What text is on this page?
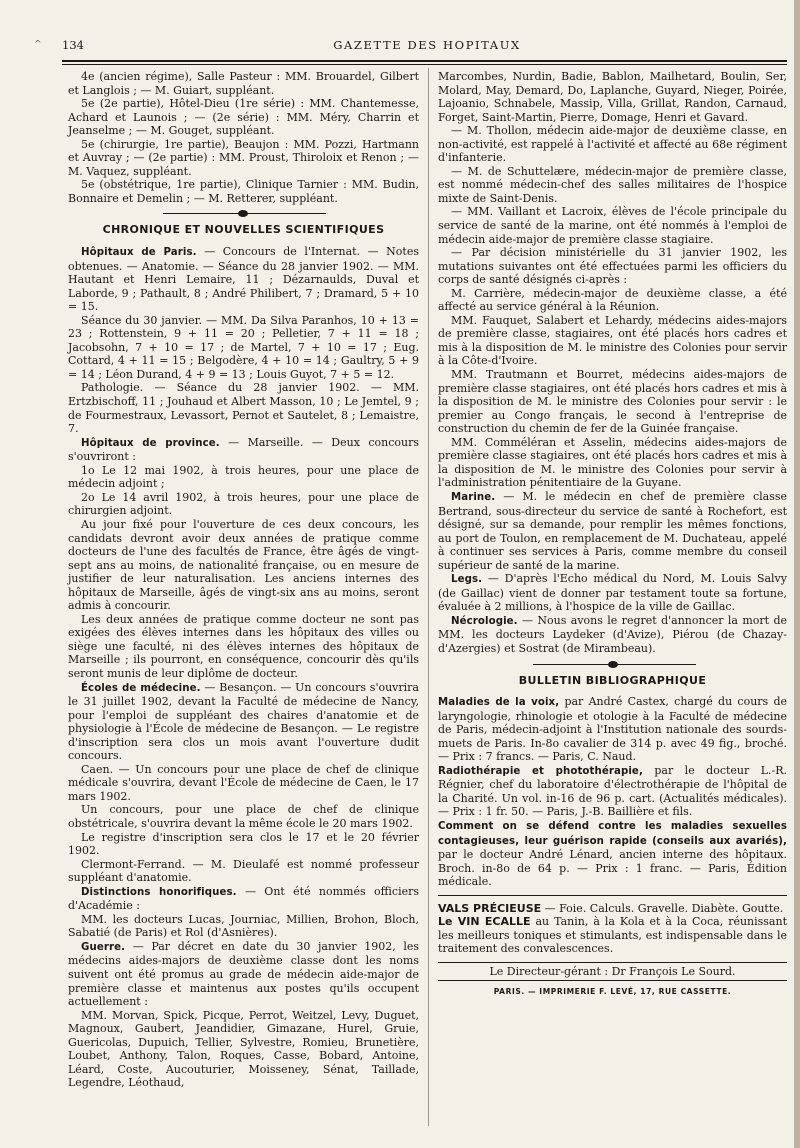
^	GAZETTE DES HOPITAUX
134

4e (ancien régime), Salle Pasteur : MM. Brouardel, Gilbert et Langlois ; — M. Guiart, suppléant.

5e (2e partie), Hôtel-Dieu (1re série) : MM. Chantemesse, Achard et Launois ; — (2e série) : MM. Méry, Charrin et Jeanselme ; — M. Gouget, suppléant.

5e (chirurgie, 1re partie), Beaujon : MM. Pozzi, Hartmann et Auvray ; — (2e partie) : MM. Proust, Thiroloix et Renon ; — M. Vaquez, suppléant.

5e (obstétrique, 1re partie), Clinique Tarnier : MM. Budin, Bonnaire et Demelin ; — M. Retterer, suppléant.

CHRONIQUE ET NOUVELLES SCIENTIFIQUES

Hôpitaux de Paris. — Concours de l'Internat. — Notes obtenues. — Anatomie. — Séance du 28 janvier 1902. — MM. Hautant et Henri Lemaire, 11 ; Dézarnaulds, Duval et Laborde, 9 ; Pathault, 8 ; André Philibert, 7 ; Dramard, 5 + 10 = 15.

Séance du 30 janvier. — MM. Da Silva Paranhos, 10 + 13 = 23 ; Rottenstein, 9 + 11 = 20 ; Pelletier, 7 + 11 = 18 ; Jacobsohn, 7 + 10 = 17 ; de Martel, 7 + 10 = 17 ; Eug. Cottard, 4 + 11 = 15 ; Belgodère, 4 + 10 = 14 ; Gaultry, 5 + 9 = 14 ; Léon Durand, 4 + 9 = 13 ; Louis Guyot, 7 + 5 = 12.

Pathologie. — Séance du 28 janvier 1902. — MM. Ertzbischoff, 11 ; Jouhaud et Albert Masson, 10 ; Le Jemtel, 9 ; de Fourmestraux, Levassort, Pernot et Sautelet, 8 ; Lemaistre, 7.

Hôpitaux de province. — Marseille. — Deux concours s'ouvriront :

1o Le 12 mai 1902, à trois heures, pour une place de médecin adjoint ;

2o Le 14 avril 1902, à trois heures, pour une place de chirurgien adjoint.

Au jour fixé pour l'ouverture de ces deux concours, les candidats devront avoir deux années de pratique comme docteurs de l'une des facultés de France, être âgés de vingt-sept ans au moins, de nationalité française, ou en mesure de justifier de leur naturalisation. Les anciens internes des hôpitaux de Marseille, âgés de vingt-six ans au moins, seront admis à concourir.

Les deux années de pratique comme docteur ne sont pas exigées des élèves internes dans les hôpitaux des villes ou siège une faculté, ni des élèves internes des hôpitaux de Marseille ; ils pourront, en conséquence, concourir dès qu'ils seront munis de leur diplôme de docteur.

Écoles de médecine. — Besançon. — Un concours s'ouvrira le 31 juillet 1902, devant la Faculté de médecine de Nancy, pour l'emploi de suppléant des chaires d'anatomie et de physiologie à l'École de médecine de Besançon. — Le registre d'inscription sera clos un mois avant l'ouverture dudit concours.

Caen. — Un concours pour une place de chef de clinique médicale s'ouvrira, devant l'École de médecine de Caen, le 17 mars 1902.

Un concours, pour une place de chef de clinique obstétricale, s'ouvrira devant la même école le 20 mars 1902.

Le registre d'inscription sera clos le 17 et le 20 février 1902.

Clermont-Ferrand. — M. Dieulafé est nommé professeur suppléant d'anatomie.

Distinctions honorifiques. — Ont été nommés officiers d'Académie :

MM. les docteurs Lucas, Journiac, Millien, Brohon, Bloch, Sabatié (de Paris) et Rol (d'Asnières).

Guerre. — Par décret en date du 30 janvier 1902, les médecins aides-majors de deuxième classe dont les noms suivent ont été promus au grade de médecin aide-major de première classe et maintenus aux postes qu'ils occupent actuellement :

MM. Morvan, Spick, Picque, Perrot, Weitzel, Levy, Duguet, Magnoux, Gaubert, Jeandidier, Gimazane, Hurel, Gruie, Guericolas, Dupuich, Tellier, Sylvestre, Romieu, Brunetière, Loubet, Anthony, Talon, Roques, Casse, Bobard, Antoine, Léard, Coste, Aucouturier, Moisseney, Sénat, Taillade, Legendre, Léothaud,

Marcombes, Nurdin, Badie, Bablon, Mailhetard, Boulin, Ser, Molard, May, Demard, Do, Laplanche, Guyard, Nieger, Poirée, Lajoanio, Schnabele, Massip, Villa, Grillat, Randon, Carnaud, Forget, Saint-Martin, Pierre, Domage, Henri et Gavard.

— M. Thollon, médecin aide-major de deuxième classe, en non-activité, est rappelé à l'activité et affecté au 68e régiment d'infanterie.

— M. de Schuttelære, médecin-major de première classe, est nommé médecin-chef des salles militaires de l'hospice mixte de Saint-Denis.

— MM. Vaillant et Lacroix, élèves de l'école principale du service de santé de la marine, ont été nommés à l'emploi de médecin aide-major de première classe stagiaire.

— Par décision ministérielle du 31 janvier 1902, les mutations suivantes ont été effectuées parmi les officiers du corps de santé désignés ci-après :

M. Carrière, médecin-major de deuxième classe, a été affecté au service général à la Réunion.

MM. Fauquet, Salabert et Lehardy, médecins aides-majors de première classe, stagiaires, ont été placés hors cadres et mis à la disposition de M. le ministre des Colonies pour servir à la Côte-d'Ivoire.

MM. Trautmann et Bourret, médecins aides-majors de première classe stagiaires, ont été placés hors cadres et mis à la disposition de M. le ministre des Colonies pour servir : le premier au Congo français, le second à l'entreprise de construction du chemin de fer de la Guinée française.

MM. Comméléran et Asselin, médecins aides-majors de première classe stagiaires, ont été placés hors cadres et mis à la disposition de M. le ministre des Colonies pour servir à l'administration pénitentiaire de la Guyane.

Marine. — M. le médecin en chef de première classe Bertrand, sous-directeur du service de santé à Rochefort, est désigné, sur sa demande, pour remplir les mêmes fonctions, au port de Toulon, en remplacement de M. Duchateau, appelé à continuer ses services à Paris, comme membre du conseil supérieur de santé de la marine.

Legs. — D'après l'Echo médical du Nord, M. Louis Salvy (de Gaillac) vient de donner par testament toute sa fortune, évaluée à 2 millions, à l'hospice de la ville de Gaillac.

Nécrologie. — Nous avons le regret d'annoncer la mort de MM. les docteurs Laydeker (d'Avize), Piérou (de Chazay-d'Azergies) et Sostrat (de Mirambeau).

BULLETIN BIBLIOGRAPHIQUE

Maladies de la voix, par André Castex, chargé du cours de laryngologie, rhinologie et otologie à la Faculté de médecine de Paris, médecin-adjoint à l'Institution nationale des sourds-muets de Paris. In-8o cavalier de 314 p. avec 49 fig., broché. — Prix : 7 francs. — Paris, C. Naud.

Radiothérapie et photothérapie, par le docteur L.-R. Régnier, chef du laboratoire d'électrothérapie de l'hôpital de la Charité. Un vol. in-16 de 96 p. cart. (Actualités médicales). — Prix : 1 fr. 50. — Paris, J.-B. Baillière et fils.

Comment on se défend contre les maladies sexuelles contagieuses, leur guérison rapide (conseils aux avariés), par le docteur André Lénard, ancien interne des hôpitaux. Broch. in-8o de 64 p. — Prix : 1 franc. — Paris, Édition médicale.

VALS PRÉCIEUSE — Foie. Calculs. Gravelle. Diabète. Goutte.

Le VIN ECALLE au Tanin, à la Kola et à la Coca, réunissant les meilleurs toniques et stimulants, est indispensable dans le traitement des convalescences.

Le Directeur-gérant : Dr François Le Sourd.
PARIS. — IMPRIMERIE F. LEVÉ, 17, RUE CASSETTE.
